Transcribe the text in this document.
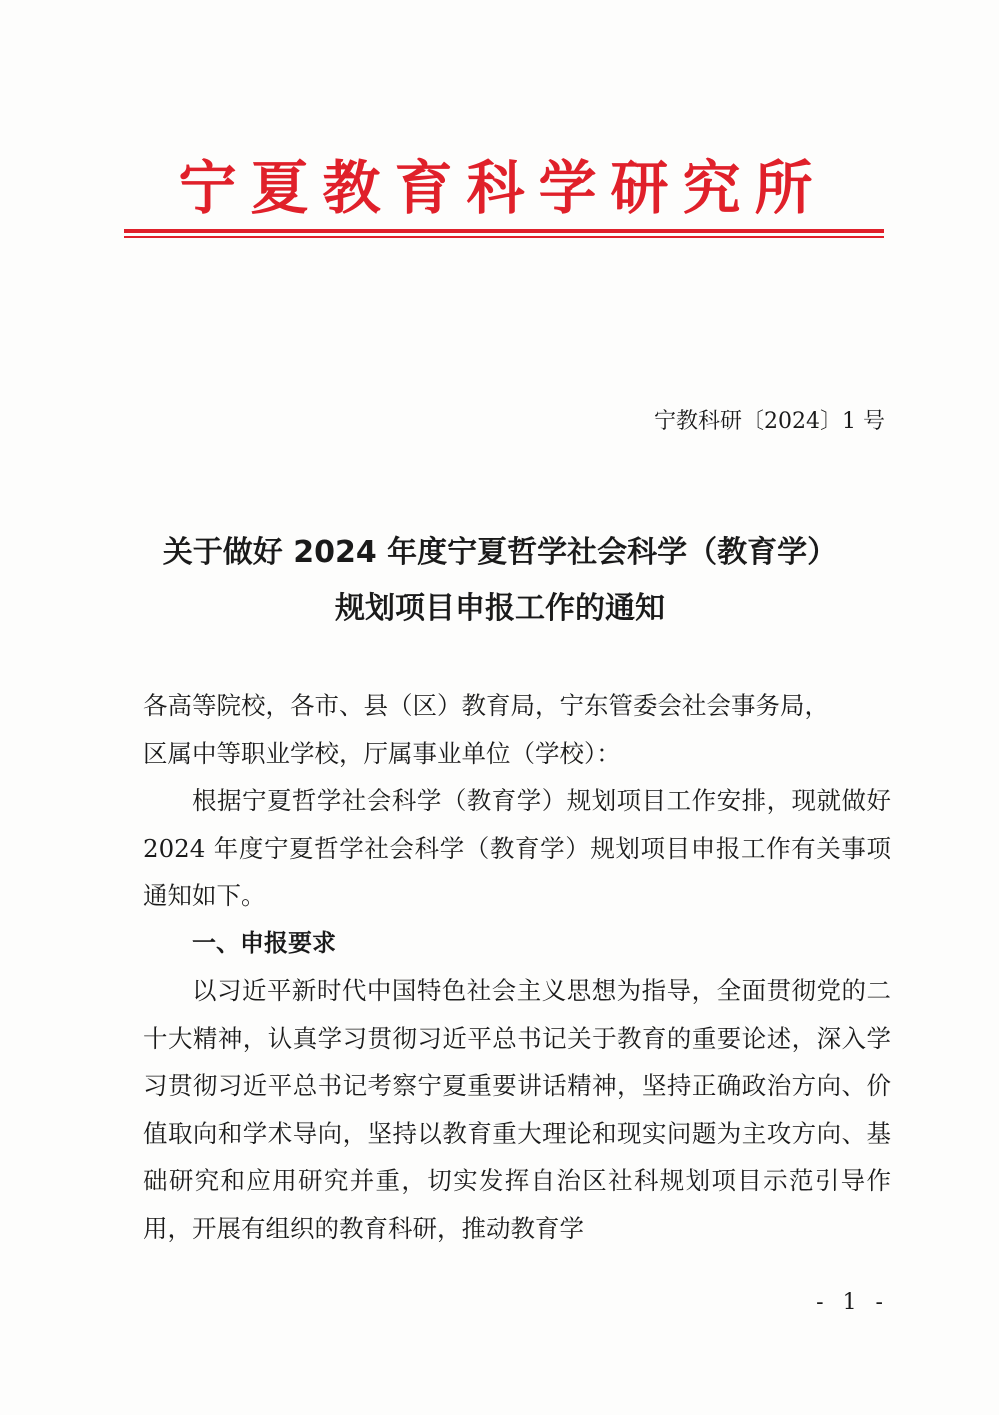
宁夏教育科学研究所
宁教科研〔2024〕1 号
关于做好 2024 年度宁夏哲学社会科学（教育学）
规划项目申报工作的通知

各高等院校，各市、县（区）教育局，宁东管委会社会事务局，

区属中等职业学校，厅属事业单位（学校）：

根据宁夏哲学社会科学（教育学）规划项目工作安排，现就做好 2024 年度宁夏哲学社会科学（教育学）规划项目申报工作有关事项通知如下。

一、申报要求

以习近平新时代中国特色社会主义思想为指导，全面贯彻党的二十大精神，认真学习贯彻习近平总书记关于教育的重要论述，深入学习贯彻习近平总书记考察宁夏重要讲话精神，坚持正确政治方向、价值取向和学术导向，坚持以教育重大理论和现实问题为主攻方向、基础研究和应用研究并重，切实发挥自治区社科规划项目示范引导作用，开展有组织的教育科研，推动教育学

- 1 -
